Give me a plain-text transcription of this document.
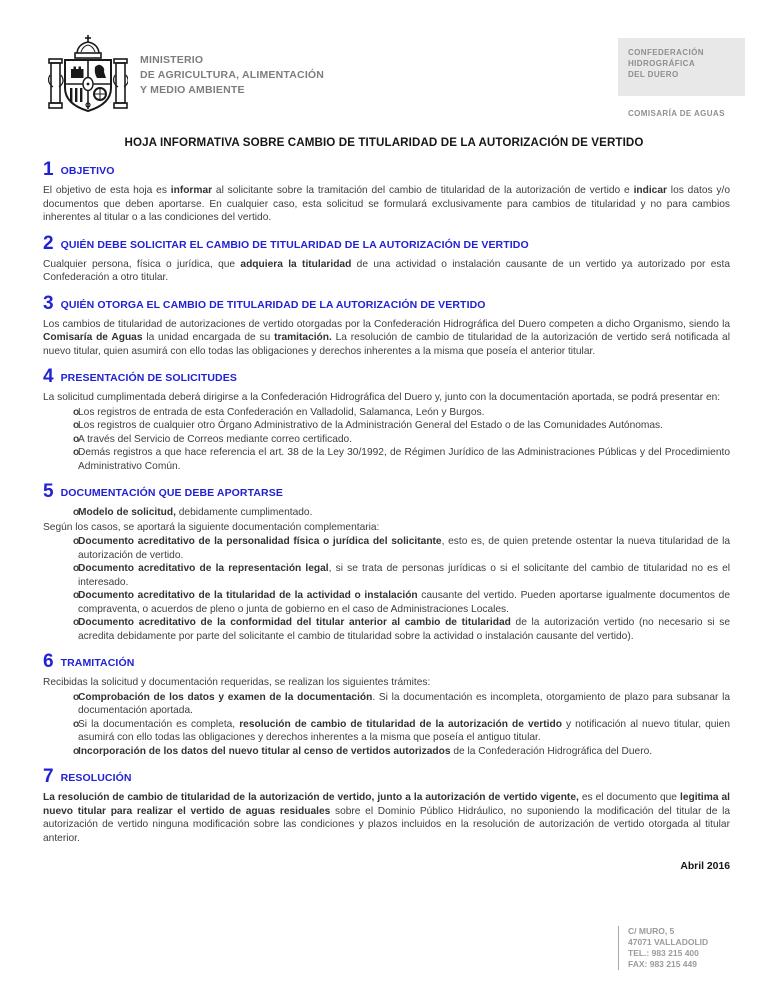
MINISTERIO
DE AGRICULTURA, ALIMENTACIÓN
Y MEDIO AMBIENTE
CONFEDERACIÓN
HIDROGRÁFICA
DEL DUERO
COMISARÍA DE AGUAS
HOJA INFORMATIVA SOBRE CAMBIO DE TITULARIDAD DE LA AUTORIZACIÓN DE VERTIDO
1 OBJETIVO

El objetivo de esta hoja es informar al solicitante sobre la tramitación del cambio de titularidad de la autorización de vertido e indicar los datos y/o documentos que deben aportarse. En cualquier caso, esta solicitud se formulará exclusivamente para cambios de titularidad y no para cambios inherentes al titular o a las condiciones del vertido.

2 QUIÉN DEBE SOLICITAR EL CAMBIO DE TITULARIDAD DE LA AUTORIZACIÓN DE VERTIDO

Cualquier persona, física o jurídica, que adquiera la titularidad de una actividad o instalación causante de un vertido ya autorizado por esta Confederación a otro titular.

3 QUIÉN OTORGA EL CAMBIO DE TITULARIDAD DE LA AUTORIZACIÓN DE VERTIDO

Los cambios de titularidad de autorizaciones de vertido otorgadas por la Confederación Hidrográfica del Duero competen a dicho Organismo, siendo la Comisaría de Aguas la unidad encargada de su tramitación. La resolución de cambio de titularidad de la autorización de vertido será notificada al nuevo titular, quien asumirá con ello todas las obligaciones y derechos inherentes a la misma que poseía el anterior titular.

4 PRESENTACIÓN DE SOLICITUDES

La solicitud cumplimentada deberá dirigirse a la Confederación Hidrográfica del Duero y, junto con la documentación aportada, se podrá presentar en:

o
Los registros de entrada de esta Confederación en Valladolid, Salamanca, León y Burgos.
o
Los registros de cualquier otro Órgano Administrativo de la Administración General del Estado o de las Comunidades Autónomas.
o
A través del Servicio de Correos mediante correo certificado.
o
Demás registros a que hace referencia el art. 38 de la Ley 30/1992, de Régimen Jurídico de las Administraciones Públicas y del Procedimiento Administrativo Común.
5 DOCUMENTACIÓN QUE DEBE APORTARSE
o
Modelo de solicitud, debidamente cumplimentado.

Según los casos, se aportará la siguiente documentación complementaria:

o
Documento acreditativo de la personalidad física o jurídica del solicitante, esto es, de quien pretende ostentar la nueva titularidad de la autorización de vertido.
o
Documento acreditativo de la representación legal, si se trata de personas jurídicas o si el solicitante del cambio de titularidad no es el interesado.
o
Documento acreditativo de la titularidad de la actividad o instalación causante del vertido. Pueden aportarse igualmente documentos de compraventa, o acuerdos de pleno o junta de gobierno en el caso de Administraciones Locales.
o
Documento acreditativo de la conformidad del titular anterior al cambio de titularidad de la autorización vertido (no necesario si se acredita debidamente por parte del solicitante el cambio de titularidad sobre la actividad o instalación causante del vertido).
6 TRAMITACIÓN

Recibidas la solicitud y documentación requeridas, se realizan los siguientes trámites:

o
Comprobación de los datos y examen de la documentación. Si la documentación es incompleta, otorgamiento de plazo para subsanar la documentación aportada.
o
Si la documentación es completa, resolución de cambio de titularidad de la autorización de vertido y notificación al nuevo titular, quien asumirá con ello todas las obligaciones y derechos inherentes a la misma que poseía el antiguo titular.
o
Incorporación de los datos del nuevo titular al censo de vertidos autorizados de la Confederación Hidrográfica del Duero.
7 RESOLUCIÓN

La resolución de cambio de titularidad de la autorización de vertido, junto a la autorización de vertido vigente, es el documento que legitima al nuevo titular para realizar el vertido de aguas residuales sobre el Dominio Público Hidráulico, no suponiendo la modificación del titular de la autorización de vertido ninguna modificación sobre las condiciones y plazos incluidos en la resolución de autorización de vertido otorgada al titular anterior.

Abril 2016
C/ MURO, 5
47071 VALLADOLID
TEL.: 983 215 400
FAX: 983 215 449
